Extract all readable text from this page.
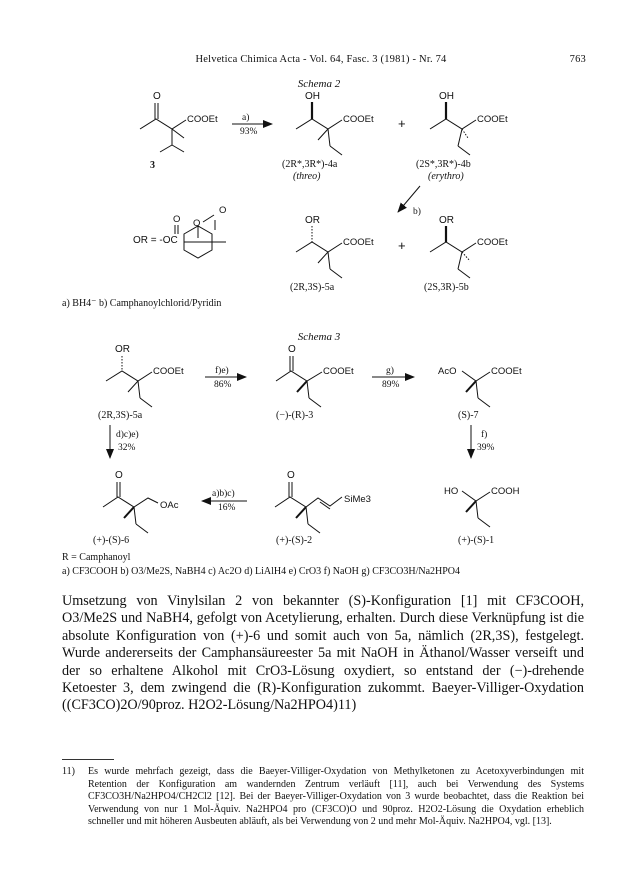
Helvetica Chimica Acta - Vol. 64, Fasc. 3 (1981) - Nr. 74	763
Schema 2
O
COOEt
3
a)
93%
OH
COOEt +
(2R*,3R*)-4a
(threo)
OH
COOEt
(2S*,3R*)-4b
(erythro)
b)
OR = -OC
O O
O
OR
COOEt +
(2R,3S)-5a
OR
COOEt
(2S,3R)-5b
a) BH4⁻ b) Camphanoylchlorid/Pyridin
Schema 3
OR
COOEt
(2R,3S)-5a
f)e)
86%
O
COOEt
(−)-(R)-3
g)
89%
AcO	COOEt
(S)-7
d)c)e)
32%
f)
39%
O
OAc
(+)-(S)-6
a)b)c)
16%
O
SiMe3
(+)-(S)-2
HO	COOH
(+)-(S)-1
R = Camphanoyl
a) CF3COOH b) O3/Me2S, NaBH4 c) Ac2O d) LiAlH4 e) CrO3 f) NaOH g) CF3CO3H/Na2HPO4

Umsetzung von Vinylsilan 2 von bekannter (S)-Konfiguration [1] mit CF3COOH, O3/Me2S und NaBH4, gefolgt von Acetylierung, erhalten. Durch diese Verknüpfung ist die absolute Konfiguration von (+)-6 und somit auch von 5a, nämlich (2R,3S), festgelegt. Wurde andererseits der Camphansäureester 5a mit NaOH in Äthanol/Wasser verseift und der so erhaltene Alkohol mit CrO3-Lösung oxydiert, so entstand der (−)-drehende Ketoester 3, dem zwingend die (R)-Konfiguration zukommt. Baeyer-Villiger-Oxydation ((CF3CO)2O/90proz. H2O2-Lösung/Na2HPO4)11)

11) Es wurde mehrfach gezeigt, dass die Baeyer-Villiger-Oxydation von Methylketonen zu Acetoxyverbindungen mit Retention der Konfiguration am wandernden Zentrum verläuft [11], auch bei Verwendung des Systems CF3CO3H/Na2HPO4/CH2Cl2 [12]. Bei der Baeyer-Villiger-Oxydation von 3 wurde beobachtet, dass die Reaktion bei Verwendung von nur 1 Mol-Äquiv. Na2HPO4 pro (CF3CO)O und 90proz. H2O2-Lösung die Oxydation erheblich schneller und mit höheren Ausbeuten abläuft, als bei Verwendung von 2 und mehr Mol-Äquiv. Na2HPO4, vgl. [13].
